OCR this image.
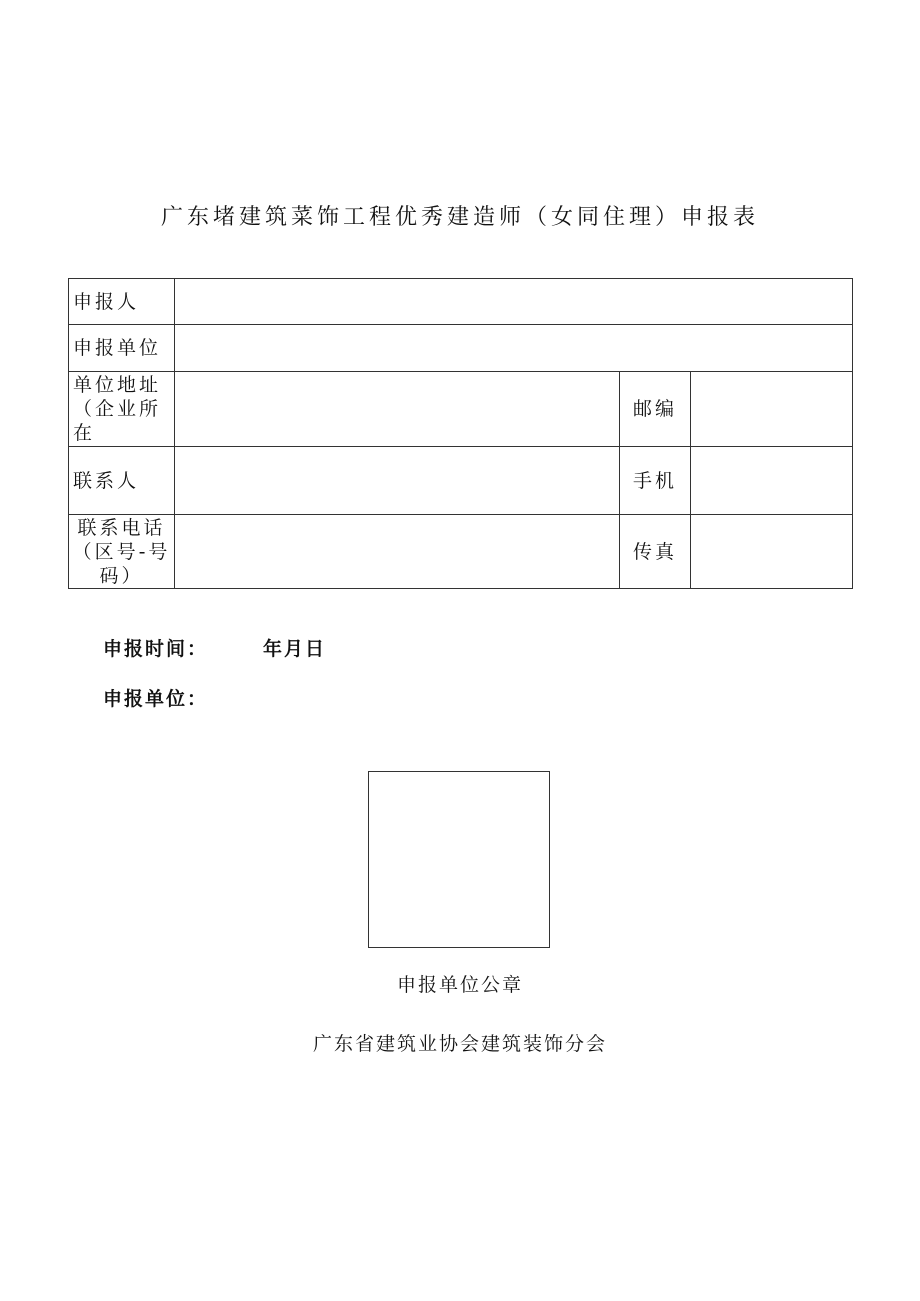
广东堵建筑菜饰工程优秀建造师（女同住理）申报表
申报人			
申报单位			
单位地址（企业所在		邮编	
联系人		手机	
联系电话（区号-号码）		传真	
申报时间：	年月日
申报单位：
申报单位公章
广东省建筑业协会建筑装饰分会
